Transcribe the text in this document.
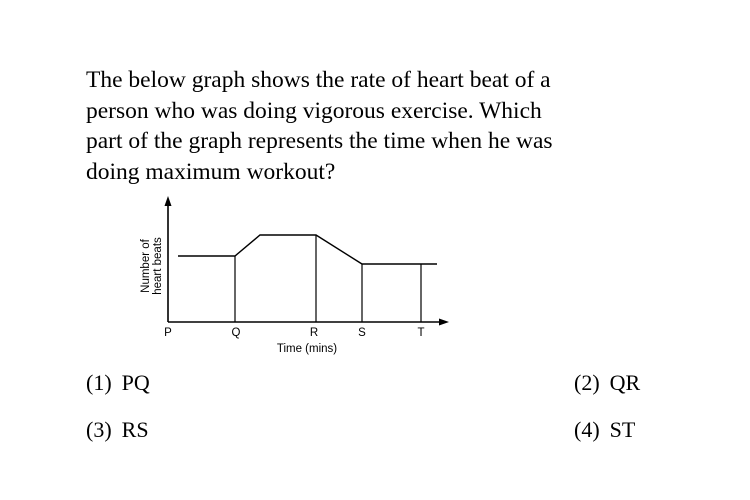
The below graph shows the rate of heart beat of a
person who was doing vigorous exercise. Which
part of the graph represents the time when he was
doing maximum workout?

Number of heart beats
P	Q	R	S	T
Time (mins)
(1) PQ	(2) QR
(3) RS	(4) ST
